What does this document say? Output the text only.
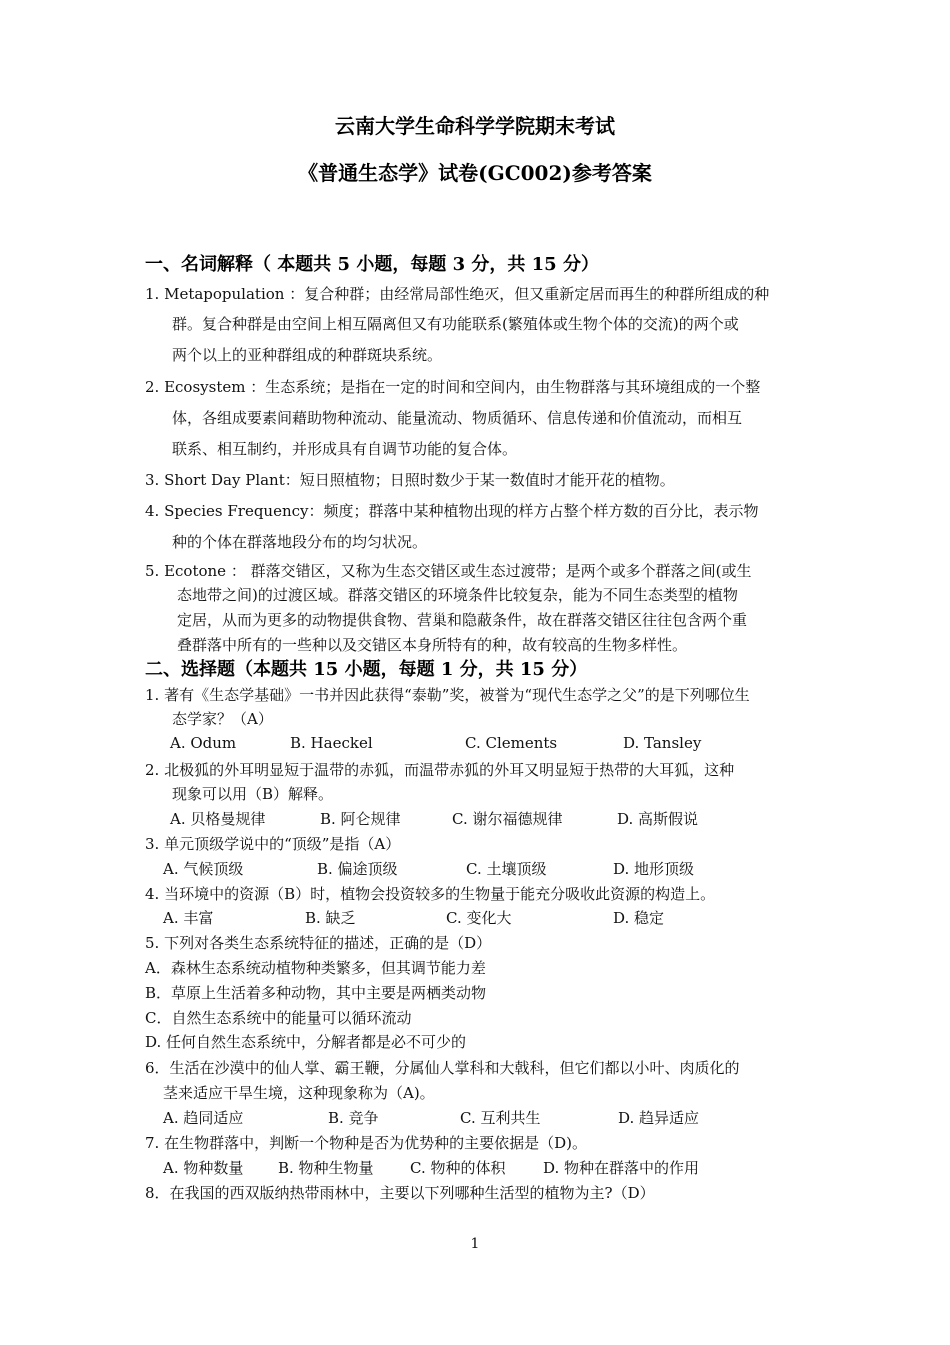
云南大学生命科学学院期末考试
《普通生态学》试卷(GC002)参考答案
一、名词解释（ 本题共 5 小题，每题 3 分，共 15 分）
1. Metapopulation ：复合种群；由经常局部性绝灭，但又重新定居而再生的种群所组成的种
群。复合种群是由空间上相互隔离但又有功能联系(繁殖体或生物个体的交流)的两个或
两个以上的亚种群组成的种群斑块系统。
2. Ecosystem ：生态系统；是指在一定的时间和空间内，由生物群落与其环境组成的一个整
体，各组成要素间藉助物种流动、能量流动、物质循环、信息传递和价值流动，而相互
联系、相互制约，并形成具有自调节功能的复合体。
3. Short Day Plant：短日照植物；日照时数少于某一数值时才能开花的植物。
4. Species Frequency：频度；群落中某种植物出现的样方占整个样方数的百分比，表示物
种的个体在群落地段分布的均匀状况。
5. Ecotone ： 群落交错区，又称为生态交错区或生态过渡带；是两个或多个群落之间(或生
态地带之间)的过渡区域。群落交错区的环境条件比较复杂，能为不同生态类型的植物
定居，从而为更多的动物提供食物、营巢和隐蔽条件，故在群落交错区往往包含两个重
叠群落中所有的一些种以及交错区本身所特有的种，故有较高的生物多样性。
二、选择题（本题共 15 小题，每题 1 分，共 15 分）
1. 著有《生态学基础》一书并因此获得“泰勒”奖，被誉为“现代生态学之父”的是下列哪位生
态学家？（A）
A. Odum	B. Haeckel	C. Clements	D. Tansley
2. 北极狐的外耳明显短于温带的赤狐，而温带赤狐的外耳又明显短于热带的大耳狐，这种
现象可以用（B）解释。
A. 贝格曼规律	B. 阿仑规律	C. 谢尔福德规律	D. 高斯假说
3. 单元顶级学说中的“顶级”是指（A）
A. 气候顶级	B. 偏途顶级	C. 土壤顶级	D. 地形顶级
4. 当环境中的资源（B）时，植物会投资较多的生物量于能充分吸收此资源的构造上。
A. 丰富	B. 缺乏	C. 变化大	D. 稳定
5. 下列对各类生态系统特征的描述，正确的是（D）
A．森林生态系统动植物种类繁多，但其调节能力差
B．草原上生活着多种动物，其中主要是两栖类动物
C．自然生态系统中的能量可以循环流动
D. 任何自然生态系统中，分解者都是必不可少的
6．生活在沙漠中的仙人掌、霸王鞭，分属仙人掌科和大戟科，但它们都以小叶、肉质化的
茎来适应干旱生境，这种现象称为（A)。
A. 趋同适应	B. 竞争	C. 互利共生	D. 趋异适应
7. 在生物群落中，判断一个物种是否为优势种的主要依据是（D)。
A. 物种数量 B. 物种生物量 C. 物种的体积	D. 物种在群落中的作用
8．在我国的西双版纳热带雨林中，主要以下列哪种生活型的植物为主?（D）
1
